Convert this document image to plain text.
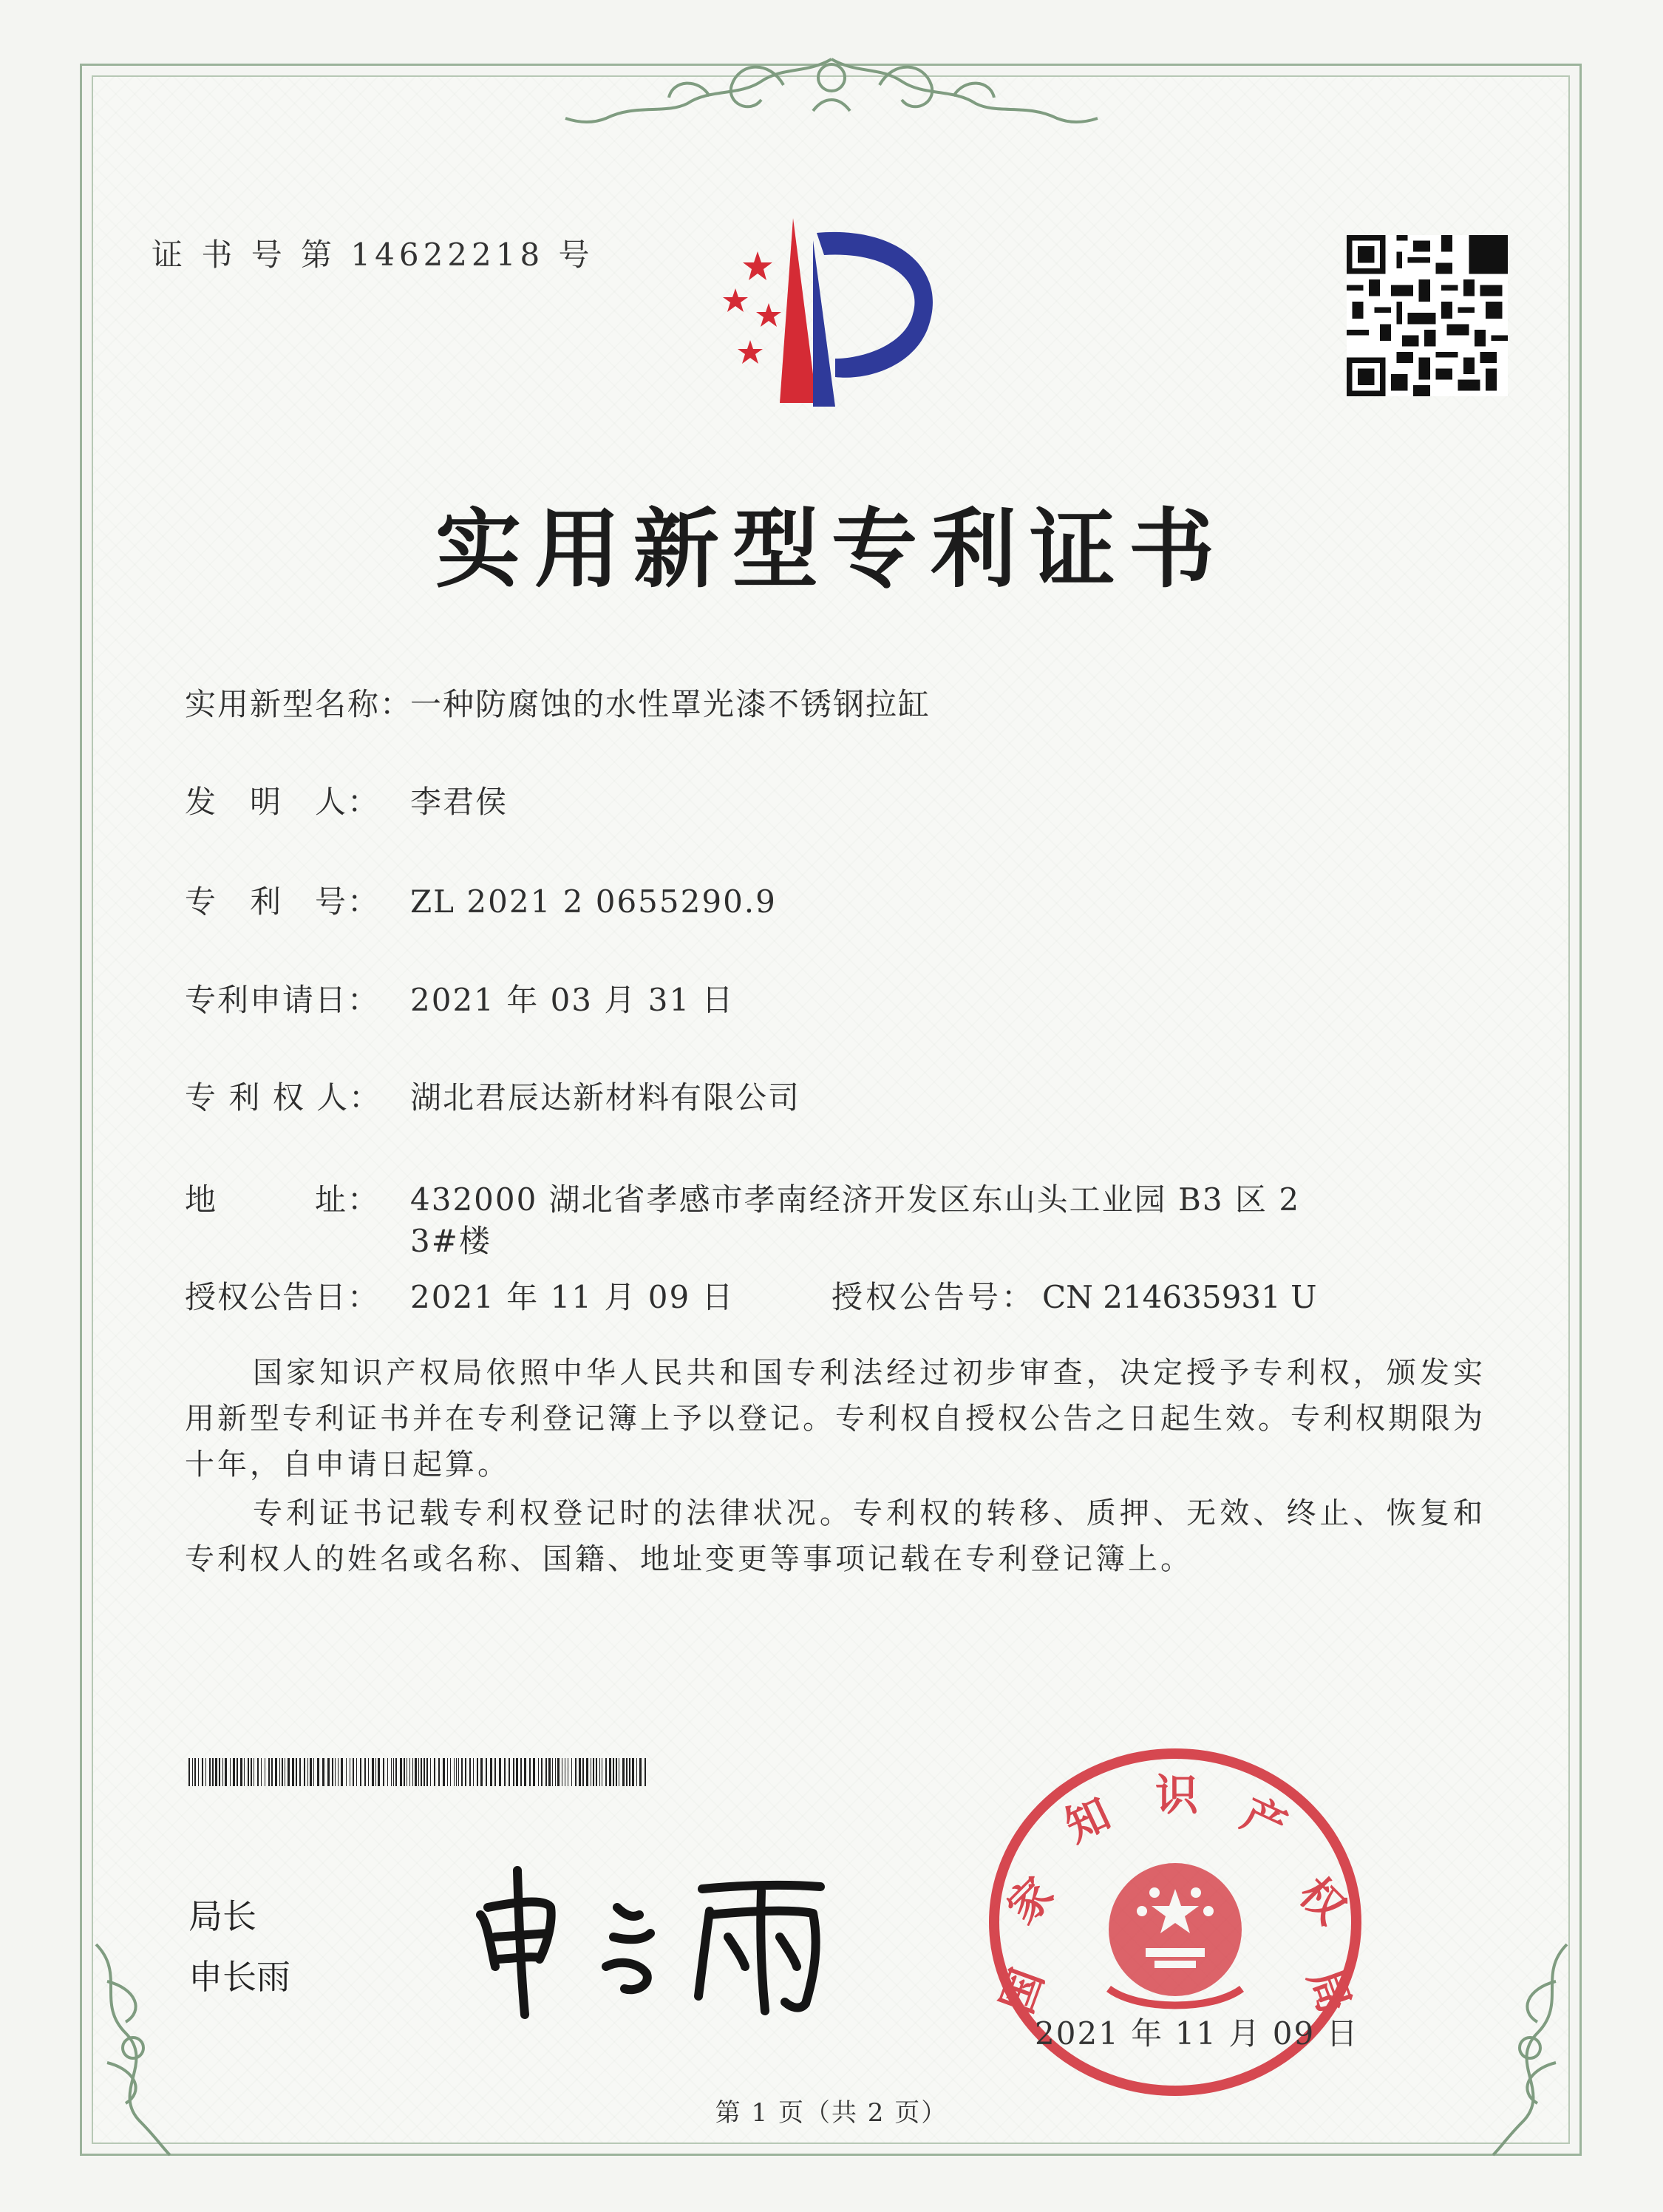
证 书 号 第 14622218 号
实用新型专利证书
实用新型名称：一种防腐蚀的水性罩光漆不锈钢拉缸
发　明　人： 李君侯
专　利　号： ZL 2021 2 0655290.9
专利申请日： 2021 年 03 月 31 日
专 利 权 人： 湖北君辰达新材料有限公司
地　　　址： 432000 湖北省孝感市孝南经济开发区东山头工业园 B3 区 2
3#楼
授权公告日： 2021 年 11 月 09 日	授权公告号： CN 214635931 U
国家知识产权局依照中华人民共和国专利法经过初步审查，决定授予专利权，颁发实用新型专利证书并在专利登记簿上予以登记。专利权自授权公告之日起生效。专利权期限为十年，自申请日起算。
专利证书记载专利权登记时的法律状况。专利权的转移、质押、无效、终止、恢复和专利权人的姓名或名称、国籍、地址变更等事项记载在专利登记簿上。
局长
申长雨	国
家
知 识 产
权
局
2021 年 11 月 09 日
第 1 页（共 2 页）
